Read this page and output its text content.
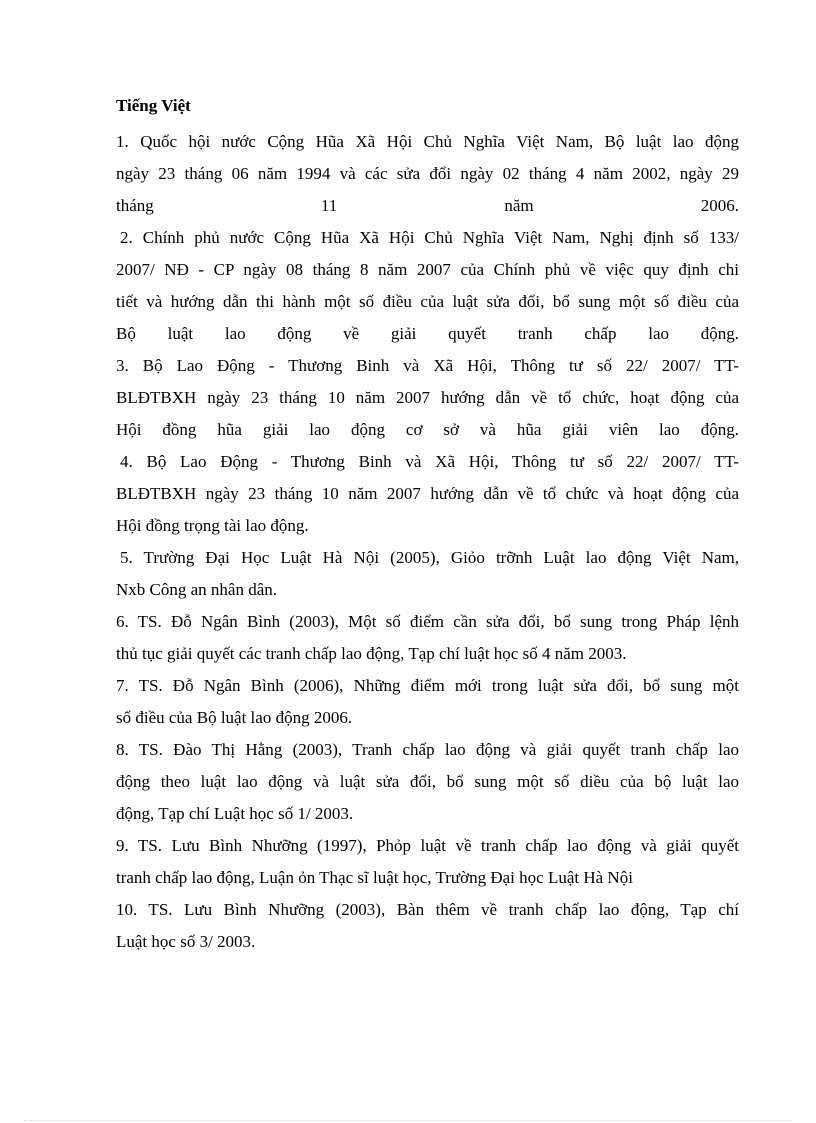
Tiếng Việt
1. Quốc hội nước Cộng Hũa Xã Hội Chủ Nghĩa Việt Nam, Bộ luật lao động
ngày 23 tháng 06 năm 1994 và các sửa đổi ngày 02 tháng 4 năm 2002, ngày 29
tháng 11 năm 2006.
2. Chính phủ nước Cộng Hũa Xã Hội Chủ Nghĩa Việt Nam, Nghị định số 133/
2007/ NĐ - CP ngày 08 tháng 8 năm 2007 của Chính phủ về việc quy định chi
tiết và hướng dẫn thi hành một số điều của luật sửa đổi, bổ sung một số điều của
Bộ luật lao động về giải quyết tranh chấp lao động.
3. Bộ Lao Động - Thương Binh và Xã Hội, Thông tư số 22/ 2007/ TT-
BLĐTBXH ngày 23 tháng 10 năm 2007 hướng dẫn về tổ chức, hoạt động của
Hội đồng hũa giải lao động cơ sở và hũa giải viên lao động.
4. Bộ Lao Động - Thương Binh và Xã Hội, Thông tư số 22/ 2007/ TT-
BLĐTBXH ngày 23 tháng 10 năm 2007 hướng dẫn về tổ chức và hoạt động của
Hội đồng trọng tài lao động.
5. Trường Đại Học Luật Hà Nội (2005), Giỏo trỡnh Luật lao động Việt Nam,
Nxb Công an nhân dân.
6. TS. Đỗ Ngân Bình (2003), Một số điểm cần sửa đổi, bổ sung trong Pháp lệnh
thủ tục giải quyết các tranh chấp lao động, Tạp chí luật học số 4 năm 2003.
7. TS. Đỗ Ngân Bình (2006), Những điểm mới trong luật sửa đổi, bổ sung một
số điều của Bộ luật lao động 2006.
8. TS. Đào Thị Hằng (2003), Tranh chấp lao động và giải quyết tranh chấp lao
động theo luật lao động và luật sửa đổi, bổ sung một số diều của bộ luật lao
động, Tạp chí Luật học số 1/ 2003.
9. TS. Lưu Bình Nhưỡng (1997), Phỏp luật về tranh chấp lao động và giải quyết
tranh chấp lao động, Luận ỏn Thạc sĩ luật học, Trường Đại học Luật Hà Nội
10. TS. Lưu Bình Nhưỡng (2003), Bàn thêm về tranh chấp lao động, Tạp chí
Luật học số 3/ 2003.
